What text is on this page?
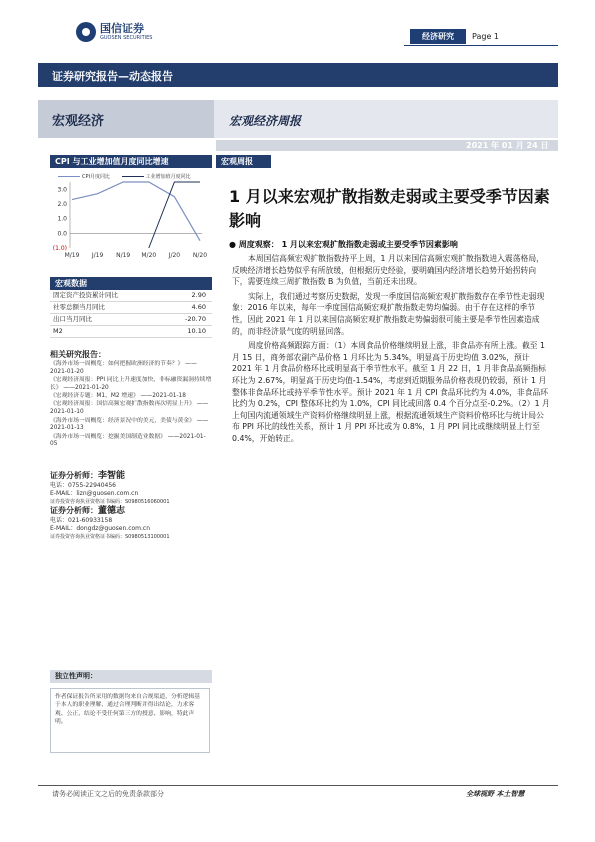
国信证券
GUOSEN SECURITIES	经济研究	Page 1
证券研究报告—动态报告
宏观经济	宏观经济周报
2021 年 01 月 24 日
CPI 与工业增加值月度同比增速
CPI月度同比	工业增加值月度同比
3.0
2.0
1.0
0.0
(1.0)
M/19 J/19 N/19 M/20 J/20 N/20
宏观数据
固定资产投资累计同比	2.90
社零总额当月同比	4.60
出口当月同比	-20.70
M2	10.10
相关研究报告：
《海外市场一周概览：如何把握欧洲经济的节奏？》 ——2021-01-20
《宏观经济周报：PPI 同比上升速度加快，非标融资漏洞持续增长》 ——2021-01-20
《宏观经济专题：M1、M2 增速》 ——2021-01-18
《宏观经济周报：国信高频宏观扩散指数再次明显上升》 ——2021-01-10
《海外市场一周概览：经济景况中的美元，美债与黄金》 ——2021-01-13
《海外市场一周概览：挖掘美国制造业数据》 ——2021-01-05
证券分析师：李智能
电话：0755-22940456
E-MAIL：lizn@guosen.com.cn
证券投资咨询执业资格证书编码：S0980516060001
证券分析师：董德志
电话：021-60933158
E-MAIL：dongdz@guosen.com.cn
证券投资咨询执业资格证书编码：S0980513100001
独立性声明：
作者保证报告所采用的数据均来自合规渠道，分析逻辑基于本人的职业理解，通过合理判断并得出结论，力求客观、公正，结论不受任何第三方的授意、影响，特此声明。
宏观周报
1 月以来宏观扩散指数走弱或主要受季节因素影响
● 周度观察： 1 月以来宏观扩散指数走弱或主要受季节因素影响

本周国信高频宏观扩散指数持平上周，1 月以来国信高频宏观扩散指数进入震荡格局，反映经济增长趋势似乎有所放缓，但根据历史经验，要明确国内经济增长趋势开始拐转向下，需要连续三周扩散指数 B 为负值，当前还未出现。

实际上，我们通过考察历史数据，发现一季度国信高频宏观扩散指数存在季节性走弱现象：2016 年以来，每年一季度国信高频宏观扩散指数走势均偏弱。由于存在这样的季节性，因此 2021 年 1 月以来国信高频宏观扩散指数走势偏弱很可能主要是季节性因素造成的，而非经济景气度的明显回落。

周度价格高频跟踪方面：（1）本周食品价格继续明显上涨，非食品亦有所上涨。截至 1 月 15 日，商务部农副产品价格 1 月环比为 5.34%，明显高于历史均值 3.02%，预计 2021 年 1 月食品价格环比或明显高于季节性水平。截至 1 月 22 日，1 月非食品高频指标环比为 2.67%，明显高于历史均值-1.54%，考虑到近期服务品价格表现仍较弱，预计 1 月整体非食品环比或持平季节性水平。预计 2021 年 1 月 CPI 食品环比约为 4.0%，非食品环比约为 0.2%，CPI 整体环比约为 1.0%，CPI 同比或回落 0.4 个百分点至-0.2%。（2）1 月上旬国内流通领域生产资料价格继续明显上涨，根据流通领域生产资料价格环比与统计局公布 PPI 环比的线性关系，预计 1 月 PPI 环比或为 0.8%，1 月 PPI 同比或继续明显上行至 0.4%，开始转正。

请务必阅读正文之后的免责条款部分	全球视野 本土智慧
